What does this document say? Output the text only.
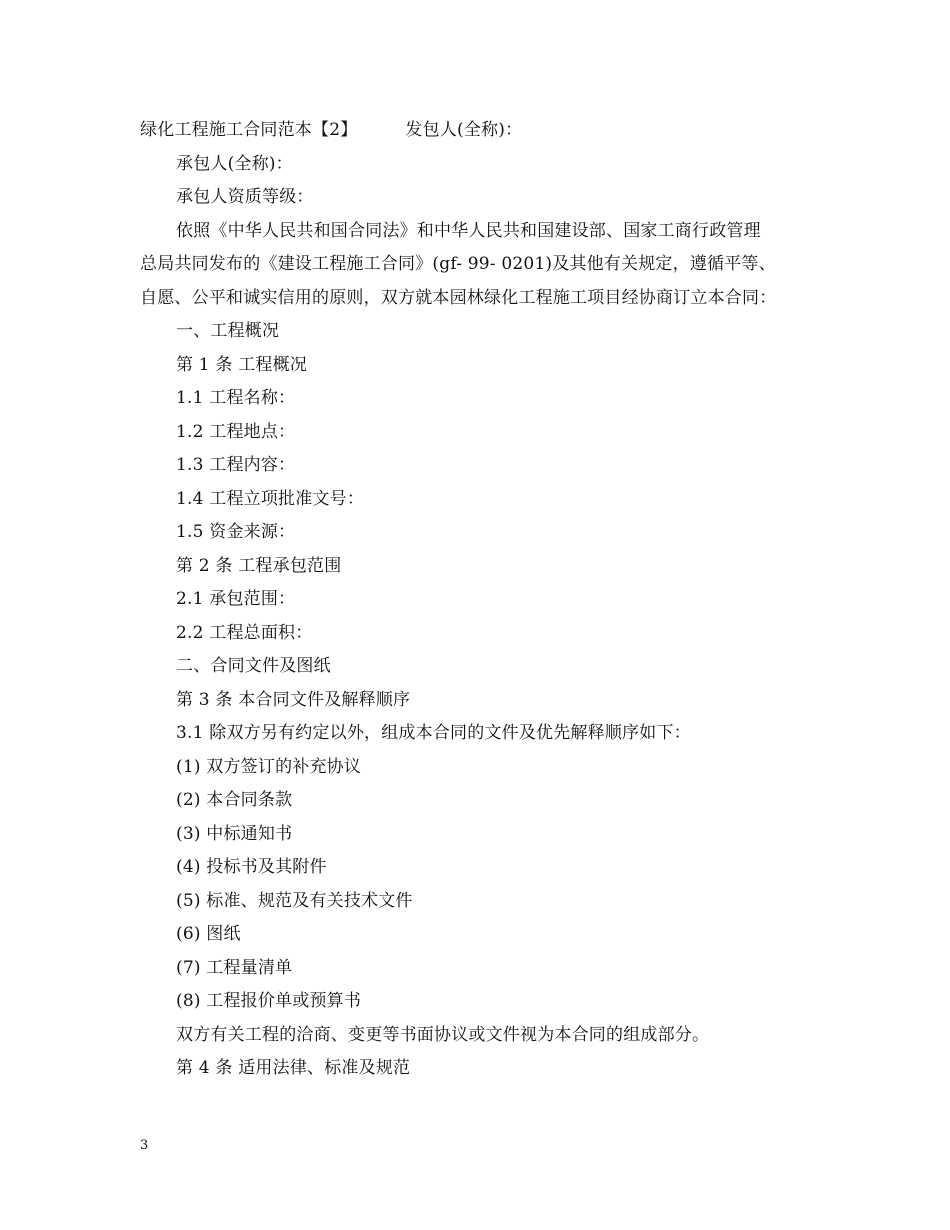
绿化工程施工合同范本【2】	发包人(全称)：
承包人(全称)：
承包人资质等级：
依照《中华人民共和国合同法》和中华人民共和国建设部、国家工商行政管理
总局共同发布的《建设工程施工合同》(gf- 99- 0201)及其他有关规定，遵循平等、
自愿、公平和诚实信用的原则，双方就本园林绿化工程施工项目经协商订立本合同：
一、工程概况
第 1 条 工程概况
1.1 工程名称：
1.2 工程地点：
1.3 工程内容：
1.4 工程立项批准文号：
1.5 资金来源：
第 2 条 工程承包范围
2.1 承包范围：
2.2 工程总面积：
二、合同文件及图纸
第 3 条 本合同文件及解释顺序
3.1 除双方另有约定以外，组成本合同的文件及优先解释顺序如下：
(1) 双方签订的补充协议
(2) 本合同条款
(3) 中标通知书
(4) 投标书及其附件
(5) 标准、规范及有关技术文件
(6) 图纸
(7) 工程量清单
(8) 工程报价单或预算书
双方有关工程的洽商、变更等书面协议或文件视为本合同的组成部分。
第 4 条 适用法律、标准及规范
3
